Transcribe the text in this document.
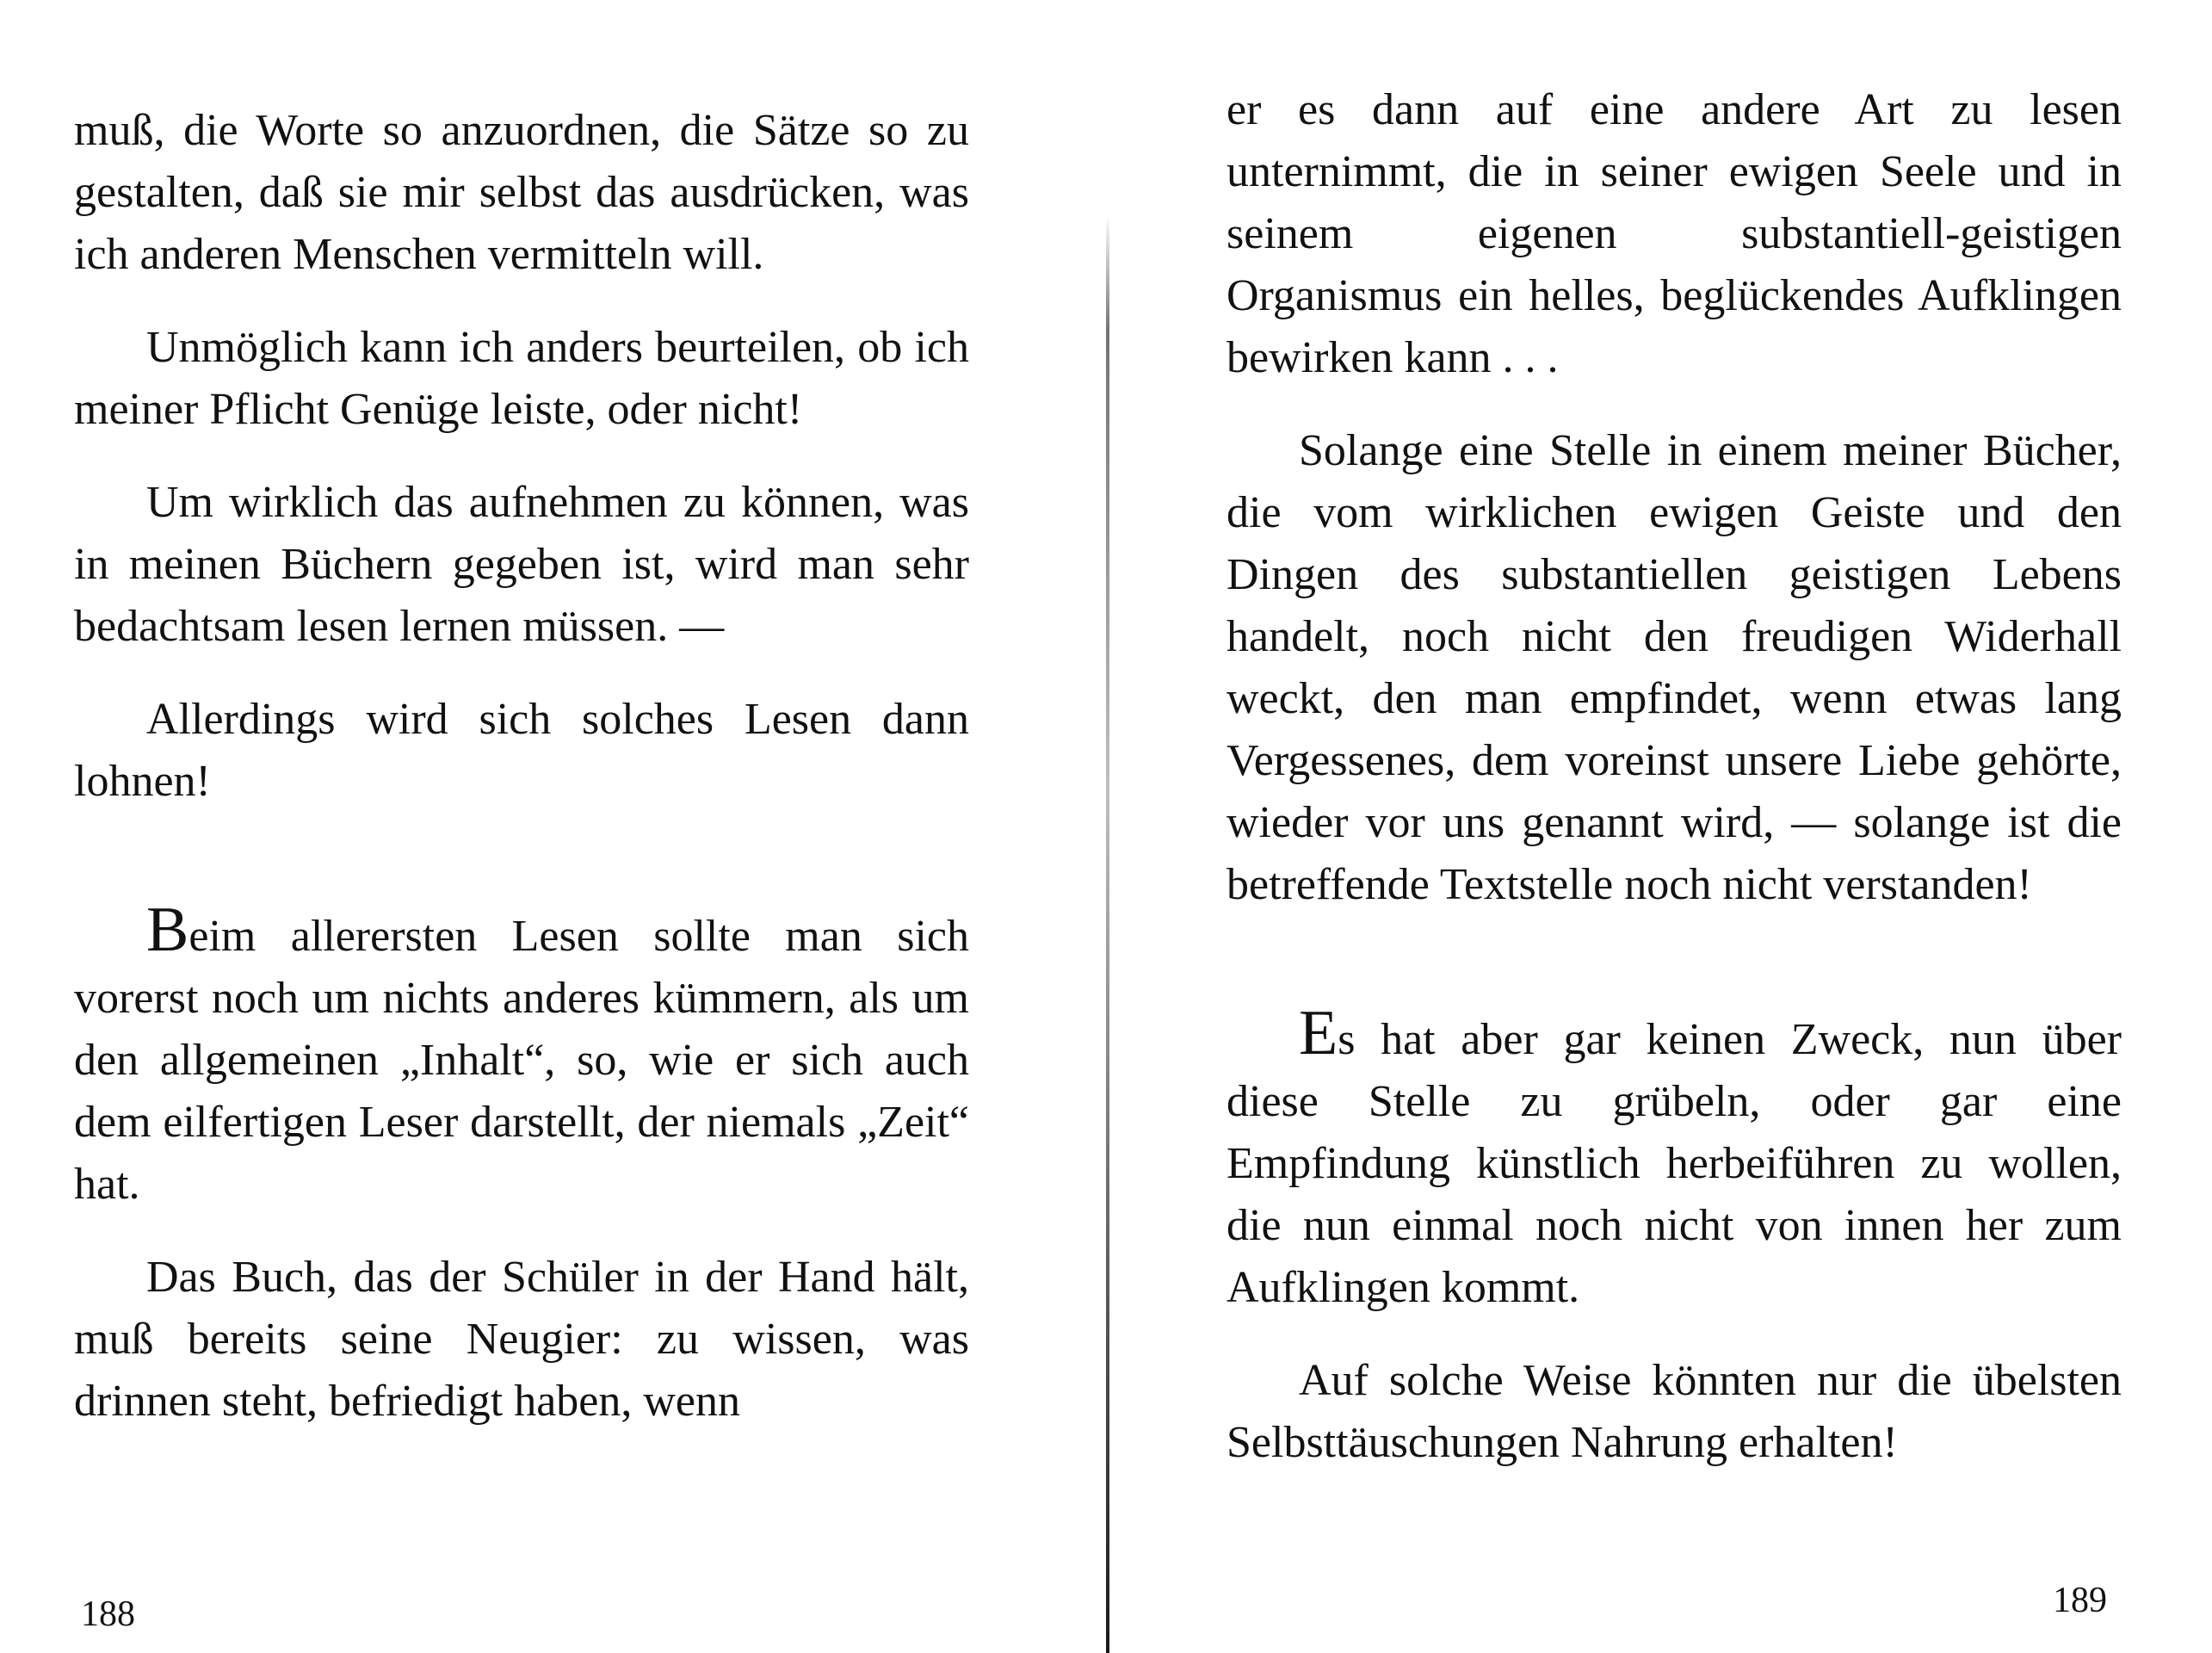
muß, die Worte so anzuordnen, die Sätze so zu gestalten, daß sie mir selbst das ausdrücken, was ich anderen Menschen vermitteln will.

Unmöglich kann ich anders beurteilen, ob ich meiner Pflicht Genüge leiste, oder nicht!

Um wirklich das aufnehmen zu können, was in meinen Büchern gegeben ist, wird man sehr bedachtsam lesen lernen müssen. —

Allerdings wird sich solches Lesen dann lohnen!

Beim allerersten Lesen sollte man sich vorerst noch um nichts anderes kümmern, als um den allgemeinen „Inhalt“, so, wie er sich auch dem eilfertigen Leser darstellt, der niemals „Zeit“ hat.

Das Buch, das der Schüler in der Hand hält, muß bereits seine Neugier: zu wissen, was drinnen steht, befriedigt haben, wenn

188

er es dann auf eine andere Art zu lesen unternimmt, die in seiner ewigen Seele und in seinem eigenen substantiell-geistigen Organismus ein helles, beglückendes Aufklingen bewirken kann . . .

Solange eine Stelle in einem meiner Bücher, die vom wirklichen ewigen Geiste und den Dingen des substantiellen geistigen Lebens handelt, noch nicht den freudigen Widerhall weckt, den man empfindet, wenn etwas lang Vergessenes, dem voreinst unsere Liebe gehörte, wieder vor uns genannt wird, — solange ist die betreffende Textstelle noch nicht verstanden!

Es hat aber gar keinen Zweck, nun über diese Stelle zu grübeln, oder gar eine Empfindung künstlich herbeiführen zu wollen, die nun einmal noch nicht von innen her zum Aufklingen kommt.

Auf solche Weise könnten nur die übelsten Selbsttäuschungen Nahrung erhalten!

189
